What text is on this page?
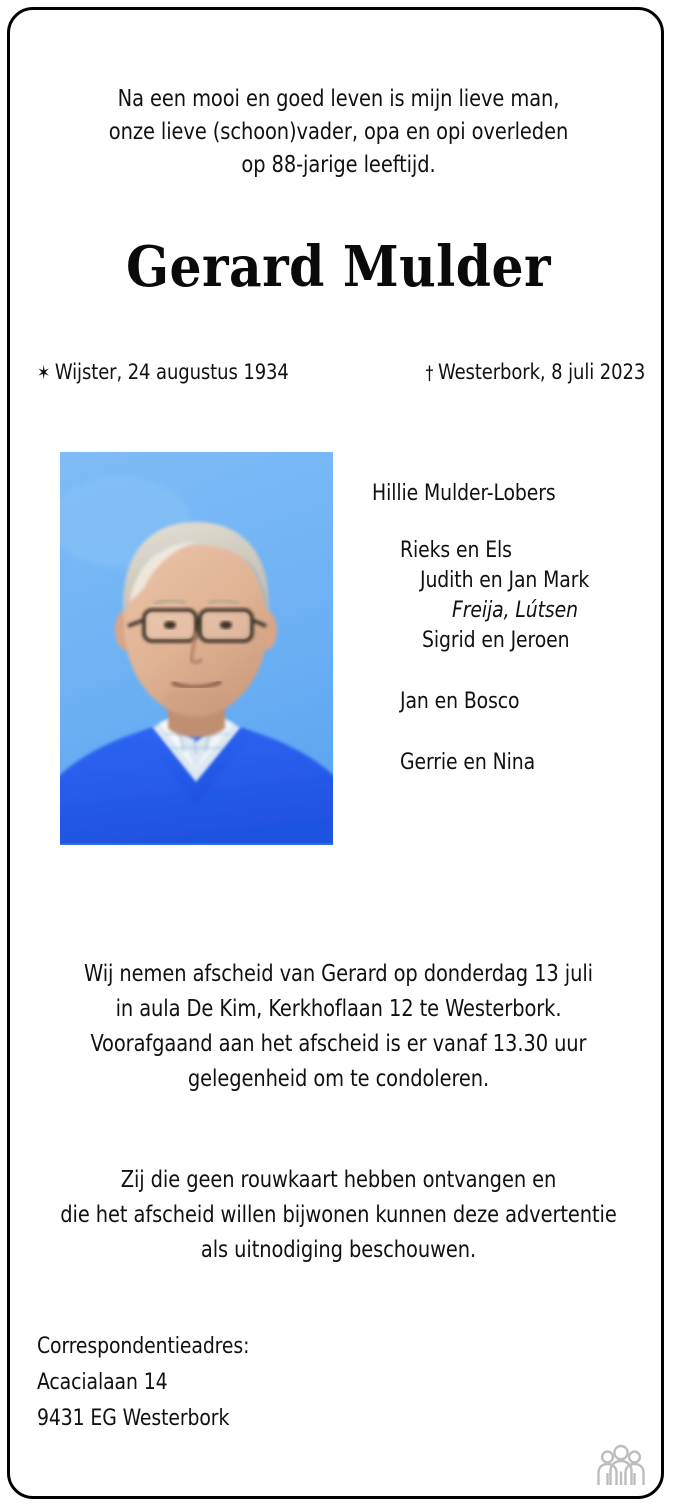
Na een mooi en goed leven is mijn lieve man,
onze lieve (schoon)vader, opa en opi overleden
op 88-jarige leeftijd.
Gerard Mulder
✶ Wijster, 24 augustus 1934	† Westerbork, 8 juli 2023
Hillie Mulder-Lobers
Rieks en Els
Judith en Jan Mark
Freija, Lútsen
Sigrid en Jeroen
Jan en Bosco
Gerrie en Nina
Wij nemen afscheid van Gerard op donderdag 13 juli
in aula De Kim, Kerkhoflaan 12 te Westerbork.
Voorafgaand aan het afscheid is er vanaf 13.30 uur
gelegenheid om te condoleren.
Zij die geen rouwkaart hebben ontvangen en
die het afscheid willen bijwonen kunnen deze advertentie
als uitnodiging beschouwen.
Correspondentieadres:
Acacialaan 14
9431 EG Westerbork
